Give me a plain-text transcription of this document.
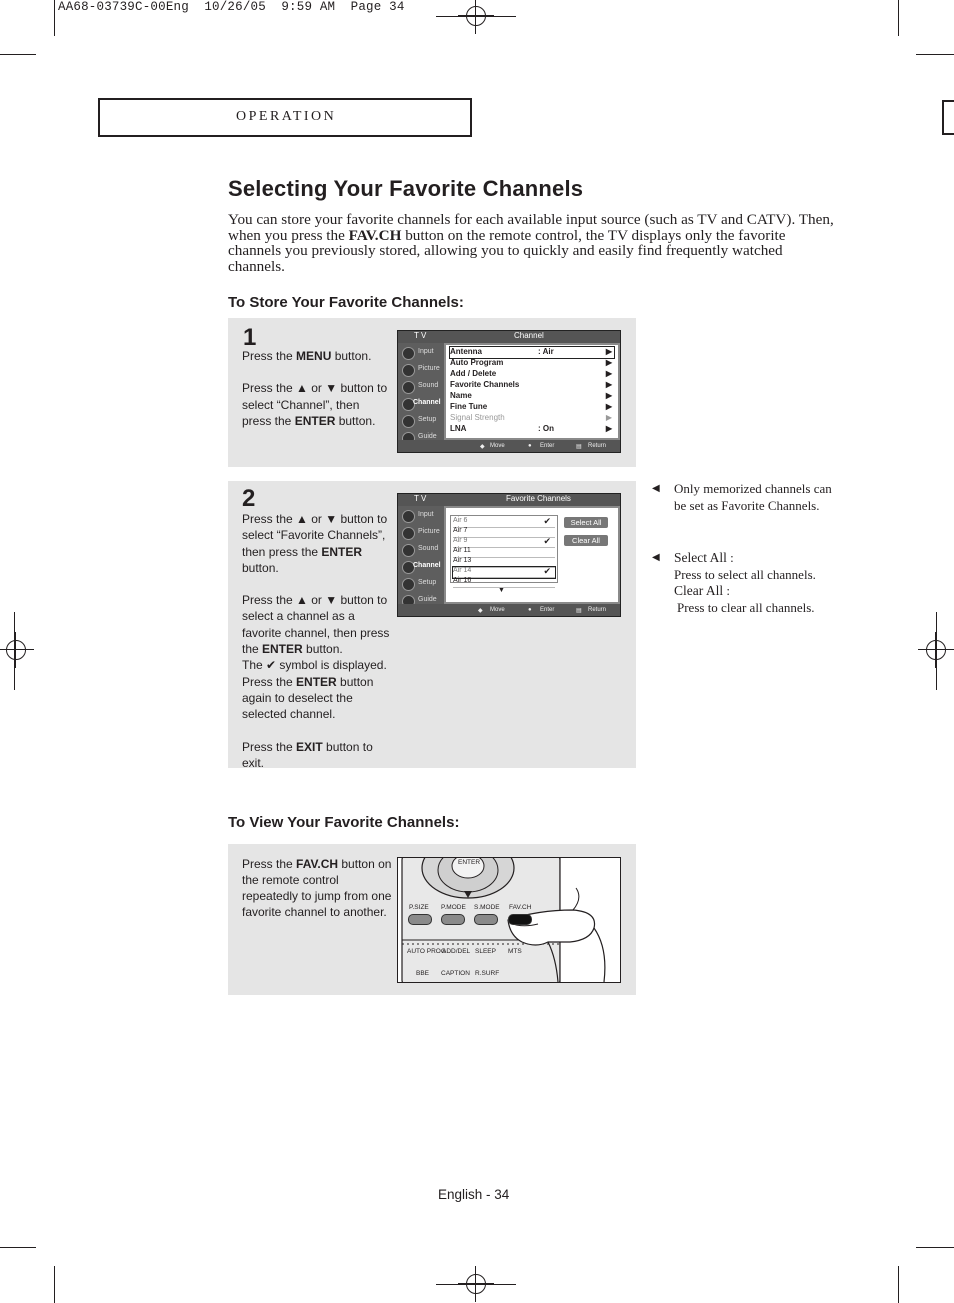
AA68-03739C-00Eng  10/26/05  9:59 AM  Page 34
OPERATION
Selecting Your Favorite Channels
You can store your favorite channels for each available input source (such as TV and CATV). Then, when you press the FAV.CH button on the remote control, the TV displays only the favorite channels you previously stored, allowing you to quickly and easily find frequently watched channels.
To Store Your Favorite Channels:
1

Press the MENU button.

Press the ▲ or ▼ button to select “Channel”, then press the ENTER button.

T V	Channel
Input
Picture
Sound
Channel
Setup
Guide
Antenna	: Air	▶
Auto Program	▶
Add / Delete	▶
Favorite Channels	▶
Name	▶
Fine Tune	▶
Signal Strength	▶
LNA	: On	▶
◆ Move	● Enter	▤ Return
2

Press the ▲ or ▼ button to select “Favorite Channels”, then press the ENTER button.

Press the ▲ or ▼ button to select a channel as a favorite channel, then press the ENTER button.

The ✔ symbol is displayed. Press the ENTER button again to deselect the selected channel.

Press the EXIT button to exit.

T V	Favorite Channels
Input
Picture
Sound
Channel
Setup
Guide
Air 6	✔
Air 7
Air 9	✔
Air 11
Air 13
Air 14	✔
Air 16
▼
Select All
Clear All
◆ Move	● Enter	▤ Return
◀ Only memorized channels can be set as Favorite Channels.
◀ Select All :
Press to select all channels.
Clear All :
Press to clear all channels.
To View Your Favorite Channels:

Press the FAV.CH button on the remote control repeatedly to jump from one favorite channel to another.

ENTER
P.SIZE P.MODE S.MODE FAV.CH
AUTO PROG
ADD/DEL SLEEP MTS
BBE CAPTION R.SURF
English - 34
